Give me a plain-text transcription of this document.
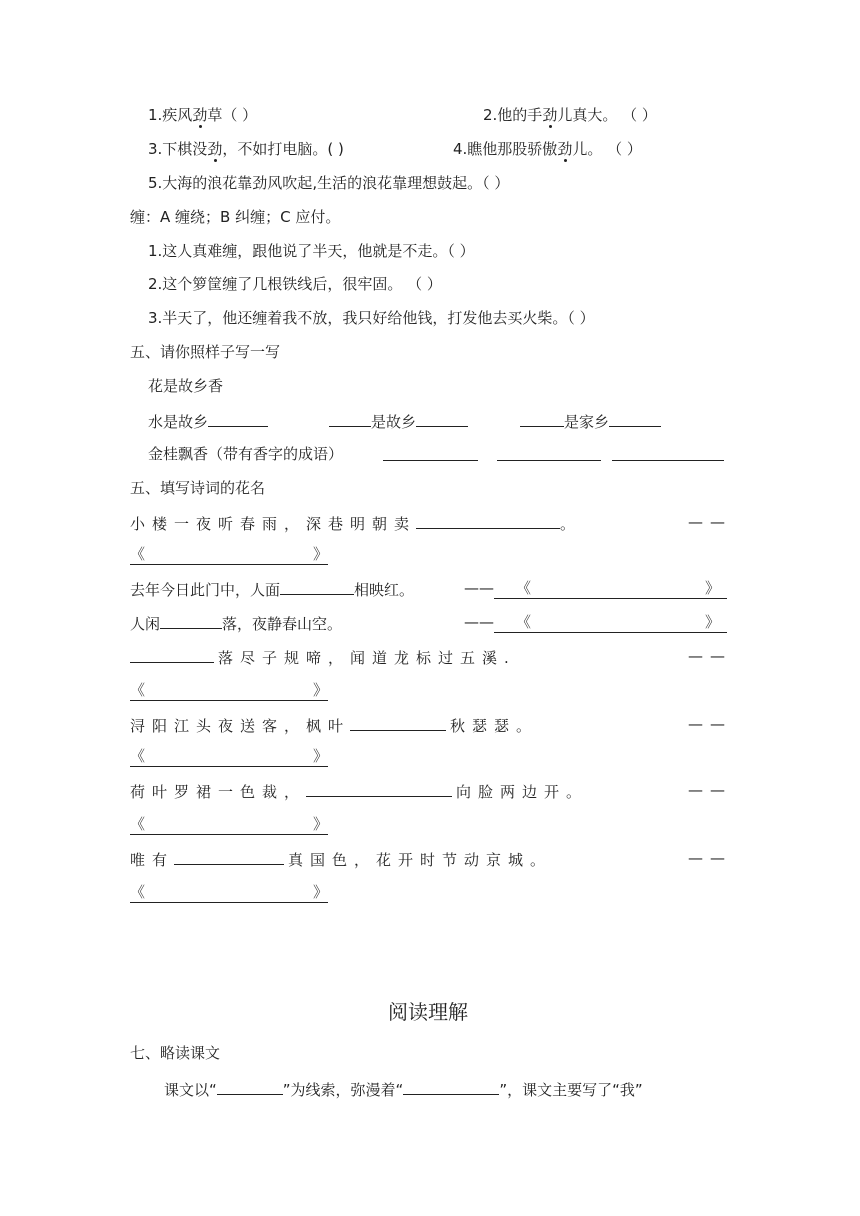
1.疾风劲草（ ）	2.他的手劲儿真大。 （ ）
3.下棋没劲，不如打电脑。( )	4.瞧他那股骄傲劲儿。 （ ）
5.大海的浪花靠劲风吹起,生活的浪花靠理想鼓起。（ ）
缠：A 缠绕；B 纠缠；C 应付。
1.这人真难缠，跟他说了半天，他就是不走。（ ）
2.这个箩筐缠了几根铁线后，很牢固。 （ ）
3.半天了，他还缠着我不放，我只好给他钱，打发他去买火柴。（ ）
五、请你照样子写一写
花是故乡香
水是故乡	是故乡	是家乡
金桂飘香（带有香字的成语）

五、填写诗词的花名
小楼一夜听春雨，深巷明朝卖	。	——
《	》
去年今日此门中，人面	相映红。	—— 《	》
人闲	落，夜静春山空。	—— 《	》
落尽子规啼，闻道龙标过五溪.	——
《	》
浔阳江头夜送客，枫叶	秋瑟瑟。	——
《	》
荷叶罗裙一色裁，	向脸两边开。	——
《	》
唯有	真国色，花开时节动京城。	——
《	》
阅读理解
七、略读课文
课文以“	”为线索，弥漫着“	”，课文主要写了“我”
